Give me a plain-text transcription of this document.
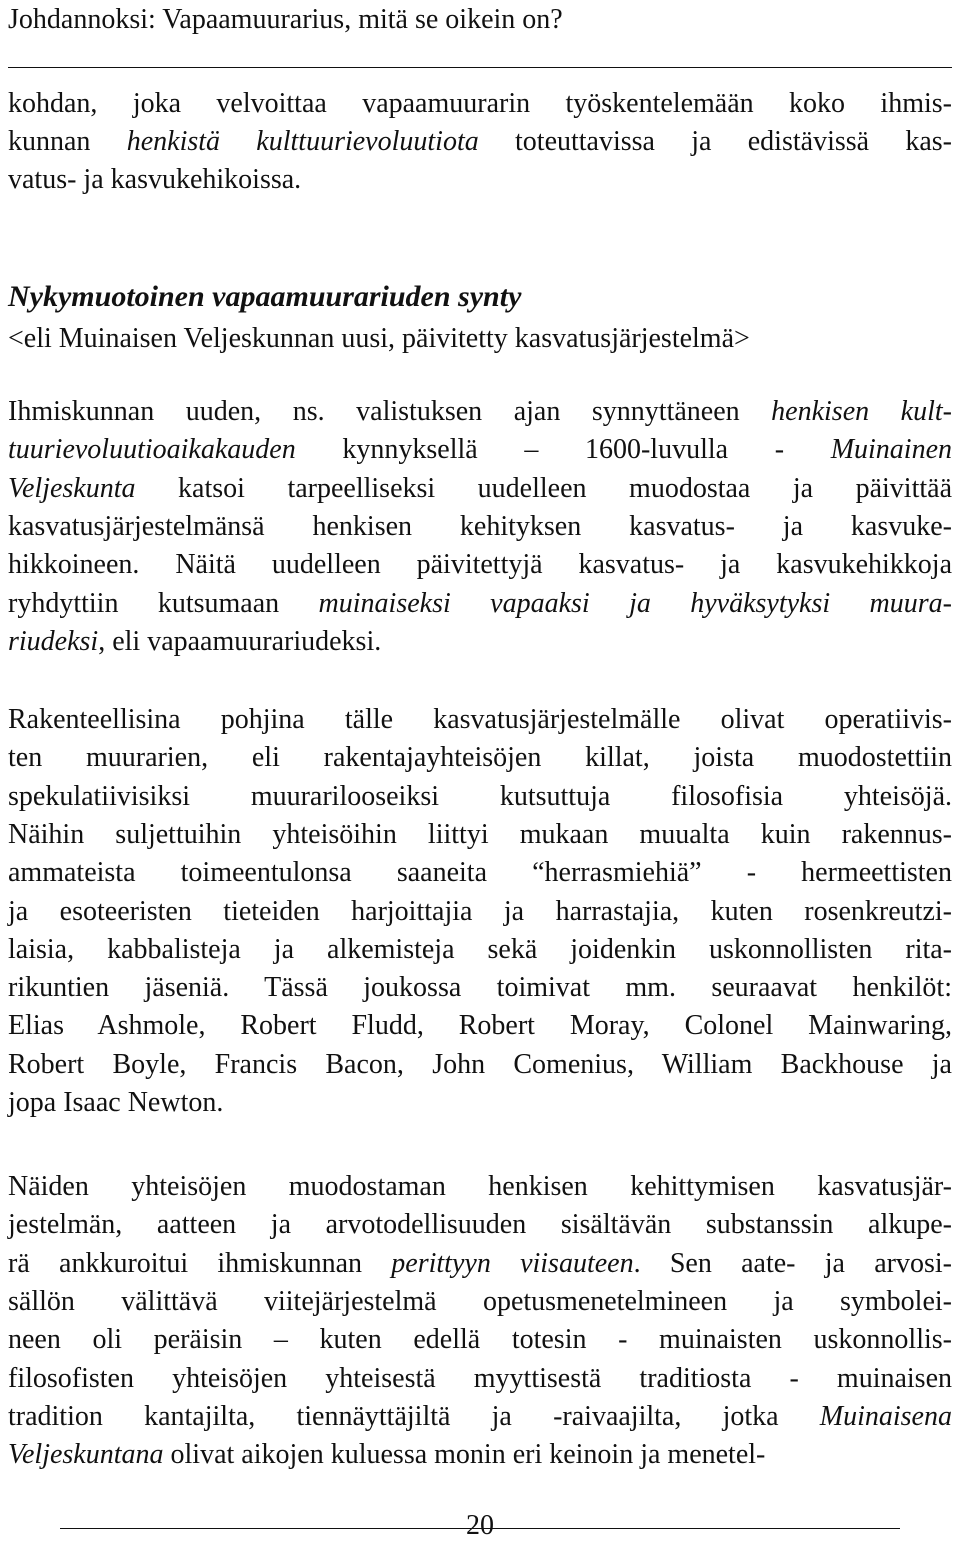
Johdannoksi: Vapaamuurarius, mitä se oikein on?
kohdan, joka velvoittaa vapaamuurarin työskentelemään koko ihmis-
kunnan henkistä kulttuurievoluutiota toteuttavissa ja edistävissä kas-
vatus- ja kasvukehikoissa.
Nykymuotoinen vapaamuurariuden synty
<eli Muinaisen Veljeskunnan uusi, päivitetty kasvatusjärjestelmä>
Ihmiskunnan uuden, ns. valistuksen ajan synnyttäneen henkisen kult-
tuurievoluutioaikakauden kynnyksellä – 1600-luvulla - Muinainen
Veljeskunta katsoi tarpeelliseksi uudelleen muodostaa ja päivittää
kasvatusjärjestelmänsä henkisen kehityksen kasvatus- ja kasvuke-
hikkoineen. Näitä uudelleen päivitettyjä kasvatus- ja kasvukehikkoja
ryhdyttiin kutsumaan muinaiseksi vapaaksi ja hyväksytyksi muura-
riudeksi, eli vapaamuurariudeksi.
Rakenteellisina pohjina tälle kasvatusjärjestelmälle olivat operatiivis-
ten muurarien, eli rakentajayhteisöjen killat, joista muodostettiin
spekulatiivisiksi muurarilooseiksi kutsuttuja filosofisia yhteisöjä.
Näihin suljettuihin yhteisöihin liittyi mukaan muualta kuin rakennus-
ammateista toimeentulonsa saaneita “herrasmiehiä” - hermeettisten
ja esoteeristen tieteiden harjoittajia ja harrastajia, kuten rosenkreutzi-
laisia, kabbalisteja ja alkemisteja sekä joidenkin uskonnollisten rita-
rikuntien jäseniä. Tässä joukossa toimivat mm. seuraavat henkilöt:
Elias Ashmole, Robert Fludd, Robert Moray, Colonel Mainwaring,
Robert Boyle, Francis Bacon, John Comenius, William Backhouse ja
jopa Isaac Newton.
Näiden yhteisöjen muodostaman henkisen kehittymisen kasvatusjär-
jestelmän, aatteen ja arvotodellisuuden sisältävän substanssin alkupe-
rä ankkuroitui ihmiskunnan perittyyn viisauteen. Sen aate- ja arvosi-
sällön välittävä viitejärjestelmä opetusmenetelmineen ja symbolei-
neen oli peräisin – kuten edellä totesin - muinaisten uskonnollis-
filosofisten yhteisöjen yhteisestä myyttisestä traditiosta - muinaisen
tradition kantajilta, tiennäyttäjiltä ja -raivaajilta, jotka Muinaisena
Veljeskuntana olivat aikojen kuluessa monin eri keinoin ja menetel-
20
